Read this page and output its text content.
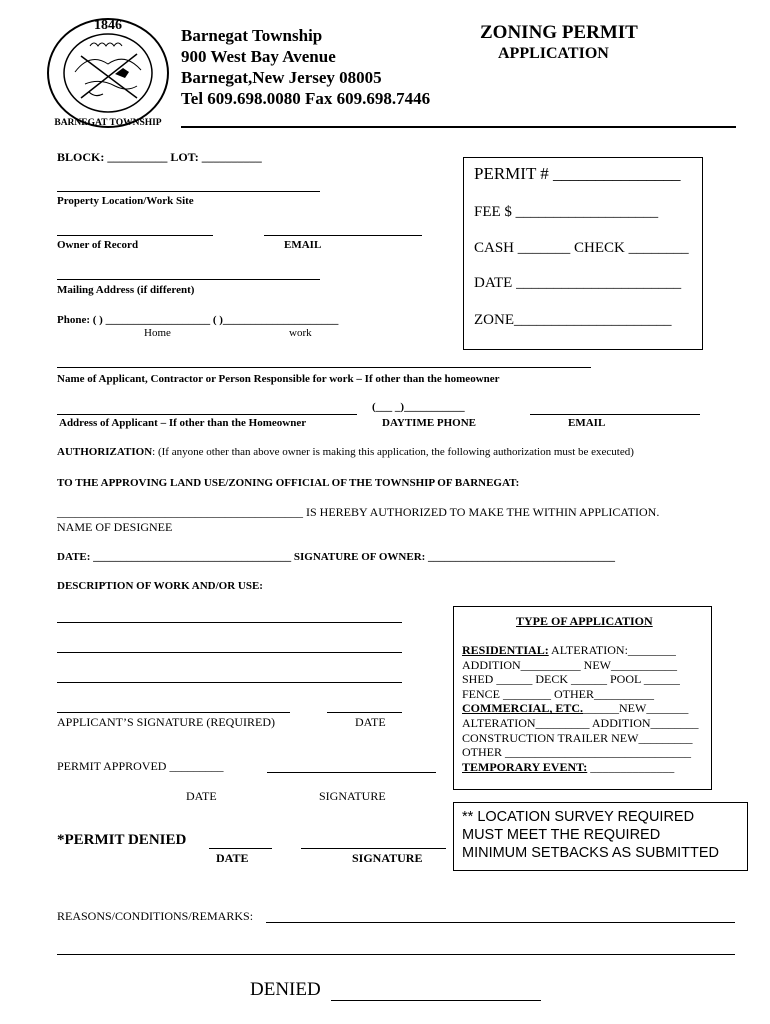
1846
BARNEGAT TOWNSHIP
Barnegat Township
900 West Bay Avenue
Barnegat,New Jersey 08005
Tel 609.698.0080 Fax 609.698.7446
ZONING PERMIT
APPLICATION
BLOCK: __________ LOT: __________
Property Location/Work Site
Owner of Record	EMAIL
Mailing Address (if different)
Phone: ( ) ___________________ ( )_____________________
Home	work
PERMIT # _______________
FEE $ ___________________
CASH _______ CHECK ________
DATE ______________________
ZONE_____________________
Name of Applicant, Contractor or Person Responsible for work – If other than the homeowner
(___ _)___________
Address of Applicant – If other than the Homeowner	DAYTIME PHONE	EMAIL
AUTHORIZATION: (If anyone other than above owner is making this application, the following authorization must be executed)
TO THE APPROVING LAND USE/ZONING OFFICIAL OF THE TOWNSHIP OF BARNEGAT:
_________________________________________ IS HEREBY AUTHORIZED TO MAKE THE WITHIN APPLICATION.
NAME OF DESIGNEE
DATE: ____________________________________ SIGNATURE OF OWNER: __________________________________
DESCRIPTION OF WORK AND/OR USE:
APPLICANT’S SIGNATURE (REQUIRED)	DATE
TYPE OF APPLICATION
RESIDENTIAL: ALTERATION:________
ADDITION__________ NEW___________
SHED ______ DECK ______ POOL ______
FENCE ________ OTHER__________
COMMERCIAL, ETC.______NEW_______
ALTERATION_________ ADDITION________
CONSTRUCTION TRAILER NEW_________
OTHER _______________________________
TEMPORARY EVENT: ______________
PERMIT APPROVED _________
DATE	SIGNATURE
*PERMIT DENIED
DATE	SIGNATURE
** LOCATION SURVEY REQUIRED
MUST MEET THE REQUIRED
MINIMUM SETBACKS AS SUBMITTED
REASONS/CONDITIONS/REMARKS:
DENIED
